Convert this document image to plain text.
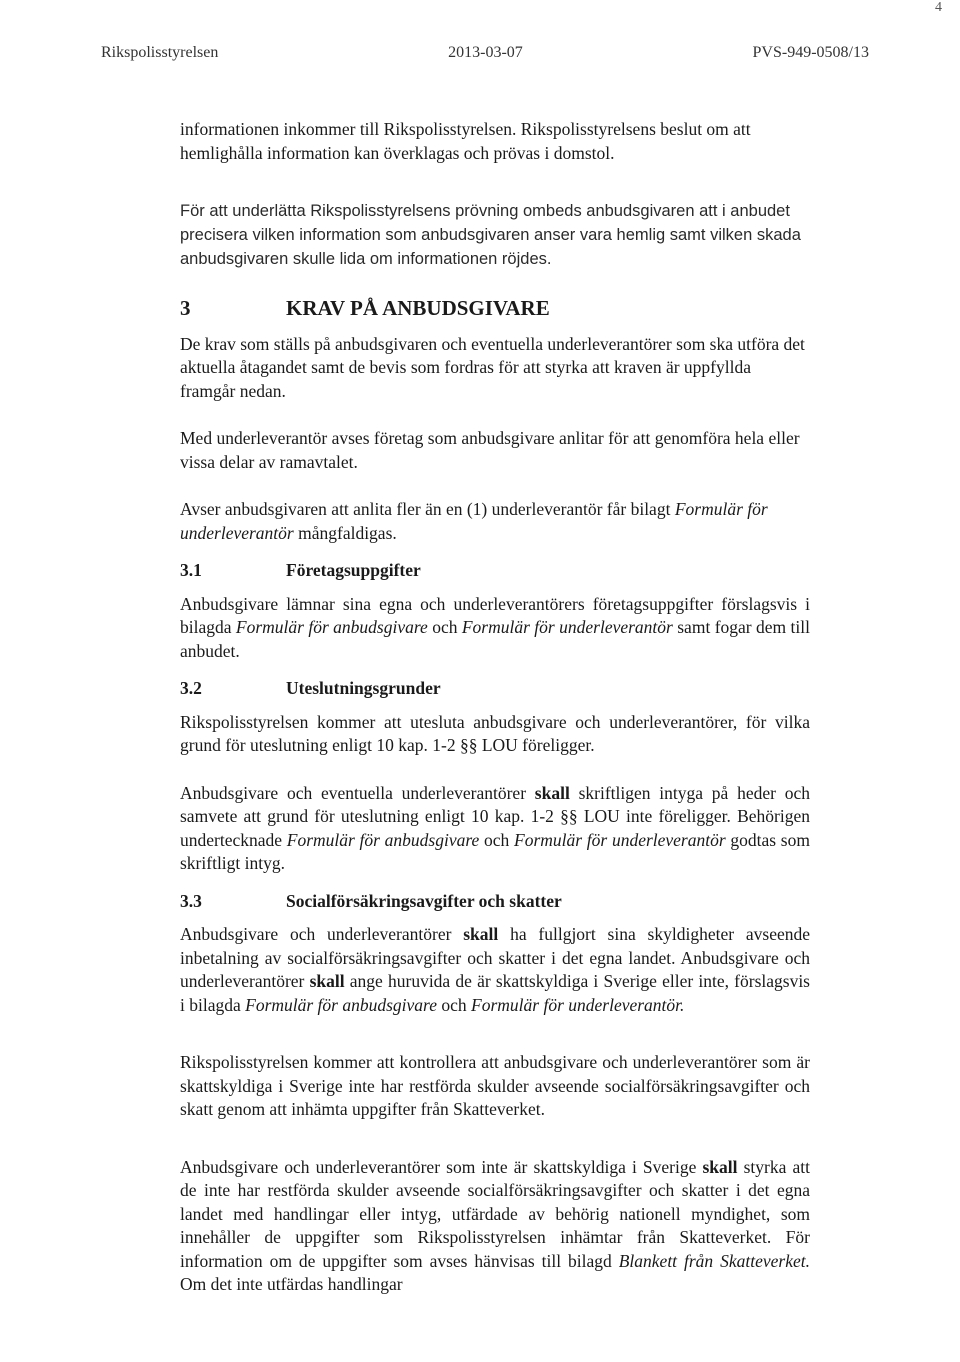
4
Rikspolisstyrelsen	2013-03-07	PVS-949-0508/13

informationen inkommer till Rikspolisstyrelsen. Rikspolisstyrelsens beslut om att hemlighålla information kan överklagas och prövas i domstol.

För att underlätta Rikspolisstyrelsens prövning ombeds anbudsgivaren att i anbudet precisera vilken information som anbudsgivaren anser vara hemlig samt vilken skada anbudsgivaren skulle lida om informationen röjdes.

3	KRAV PÅ ANBUDSGIVARE

De krav som ställs på anbudsgivaren och eventuella underleverantörer som ska utföra det aktuella åtagandet samt de bevis som fordras för att styrka att kraven är uppfyllda framgår nedan.

Med underleverantör avses företag som anbudsgivare anlitar för att genomföra hela eller vissa delar av ramavtalet.

Avser anbudsgivaren att anlita fler än en (1) underleverantör får bilagt Formulär för underleverantör mångfaldigas.

3.1	Företagsuppgifter

Anbudsgivare lämnar sina egna och underleverantörers företagsuppgifter förslagsvis i bilagda Formulär för anbudsgivare och Formulär för underleverantör samt fogar dem till anbudet.

3.2	Uteslutningsgrunder

Rikspolisstyrelsen kommer att utesluta anbudsgivare och underleverantörer, för vilka grund för uteslutning enligt 10 kap. 1-2 §§ LOU föreligger.

Anbudsgivare och eventuella underleverantörer skall skriftligen intyga på heder och samvete att grund för uteslutning enligt 10 kap. 1-2 §§ LOU inte föreligger. Behörigen undertecknade Formulär för anbudsgivare och Formulär för underleverantör godtas som skriftligt intyg.

3.3	Socialförsäkringsavgifter och skatter

Anbudsgivare och underleverantörer skall ha fullgjort sina skyldigheter avseende inbetalning av socialförsäkringsavgifter och skatter i det egna landet. Anbudsgivare och underleverantörer skall ange huruvida de är skattskyldiga i Sverige eller inte, förslagsvis i bilagda Formulär för anbudsgivare och Formulär för underleverantör.

Rikspolisstyrelsen kommer att kontrollera att anbudsgivare och underleverantörer som är skattskyldiga i Sverige inte har restförda skulder avseende socialförsäkringsavgifter och skatt genom att inhämta uppgifter från Skatteverket.

Anbudsgivare och underleverantörer som inte är skattskyldiga i Sverige skall styrka att de inte har restförda skulder avseende socialförsäkringsavgifter och skatter i det egna landet med handlingar eller intyg, utfärdade av behörig nationell myndighet, som innehåller de uppgifter som Rikspolisstyrelsen inhämtar från Skatteverket. För information om de uppgifter som avses hänvisas till bilagd Blankett från Skatteverket. Om det inte utfärdas handlingar
